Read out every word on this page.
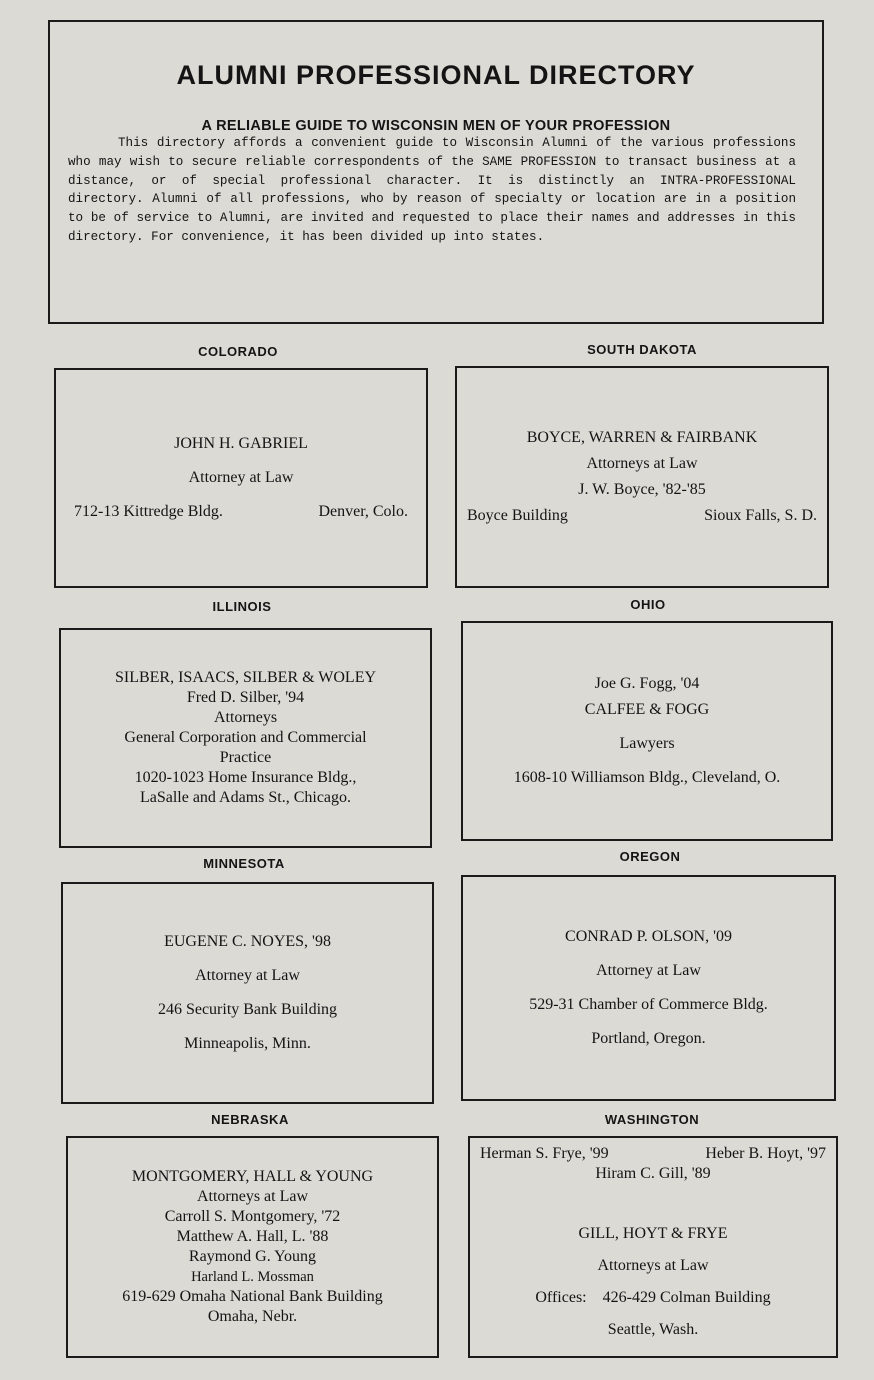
ALUMNI PROFESSIONAL DIRECTORY
A RELIABLE GUIDE TO WISCONSIN MEN OF YOUR PROFESSION
This directory affords a convenient guide to Wisconsin Alumni of the various professions who may wish to secure reliable correspondents of the SAME PROFESSION to transact business at a distance, or of special professional character. It is distinctly an INTRA-PROFESSIONAL directory. Alumni of all professions, who by reason of specialty or location are in a position to be of service to Alumni, are invited and requested to place their names and addresses in this directory. For convenience, it has been divided up into states.
COLORADO
JOHN H. GABRIEL
Attorney at Law
712-13 Kittredge Bldg.	Denver, Colo.
SOUTH DAKOTA
BOYCE, WARREN & FAIRBANK
Attorneys at Law
J. W. Boyce, '82-'85
Boyce Building	Sioux Falls, S. D.
ILLINOIS
SILBER, ISAACS, SILBER & WOLEY
Fred D. Silber, '94
Attorneys
General Corporation and Commercial
Practice
1020-1023 Home Insurance Bldg.,
LaSalle and Adams St., Chicago.
OHIO
Joe G. Fogg, '04
CALFEE & FOGG
Lawyers
1608-10 Williamson Bldg., Cleveland, O.
MINNESOTA
EUGENE C. NOYES, '98
Attorney at Law
246 Security Bank Building
Minneapolis, Minn.
OREGON
CONRAD P. OLSON, '09
Attorney at Law
529-31 Chamber of Commerce Bldg.
Portland, Oregon.
NEBRASKA
MONTGOMERY, HALL & YOUNG
Attorneys at Law
Carroll S. Montgomery, '72
Matthew A. Hall, L. '88
Raymond G. Young
Harland L. Mossman
619-629 Omaha National Bank Building
Omaha, Nebr.
WASHINGTON
Herman S. Frye, '99	Heber B. Hoyt, '97
Hiram C. Gill, '89
GILL, HOYT & FRYE
Attorneys at Law
Offices: 426-429 Colman Building
Seattle, Wash.
